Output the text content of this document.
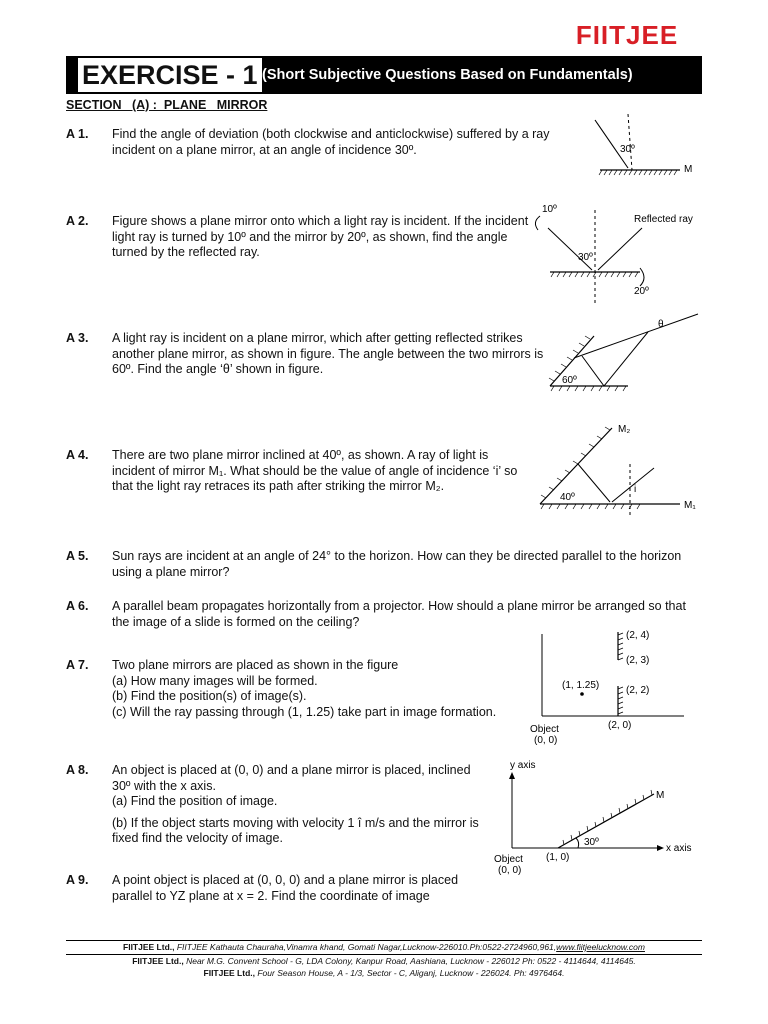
FIITJEE
EXERCISE - 1 (Short Subjective Questions Based on Fundamentals)
SECTION   (A) :  PLANE   MIRROR
A 1. Find the angle of deviation (both clockwise and anticlockwise) suffered by a ray
incident on a plane mirror, at an angle of incidence 30º.	30º
M
A 2. Figure shows a plane mirror onto which a light ray is incident. If the incident
light ray is turned by 10º and the mirror by 20º, as shown, find the angle
turned by the reflected ray.
10º
Reflected ray
30º
20º
A 3. A light ray is incident on a plane mirror, which after getting reflected strikes
another plane mirror, as shown in figure. The angle between the two mirrors is
60º. Find the angle ‘θ’ shown in figure.
60º
θ
A 4. There are two plane mirror inclined at 40º, as shown. A ray of light is
incident of mirror M₁. What should be the value of angle of incidence ‘i’ so
that the light ray retraces its path after striking the mirror M₂.
40º
i
M₁
M₂
A 5. Sun rays are incident at an angle of 24° to the horizon. How can they be directed parallel to the horizon
using a plane mirror?
A 6. A parallel beam propagates horizontally from a projector. How should a plane mirror be arranged so that
the image of a slide is formed on the ceiling?
A 7. Two plane mirrors are placed as shown in the figure
(a) How many images will be formed.
(b) Find the position(s) of image(s).
(c) Will the ray passing through (1, 1.25) take part in image formation.
(2, 4)
(2, 3)
(2, 2)
(2, 0)
(1, 1.25)
Object
(0, 0)
A 8. An object is placed at (0, 0) and a plane mirror is placed, inclined
30º with the x axis.
(a) Find the position of image.
(b) If the object starts moving with velocity 1 î m/s and the mirror is
fixed find the velocity of image.
y axis
x axis
M
30º
(1, 0)
Object
(0, 0)
A 9. A point object is placed at (0, 0, 0) and a plane mirror is placed
parallel to YZ plane at x = 2. Find the coordinate of image
FIITJEE Ltd., FIITJEE Kathauta Chauraha,Vinamra khand, Gomati Nagar,Lucknow-226010.Ph:0522-2724960,961,www.fiitjeelucknow.com
FIITJEE Ltd., Near M.G. Convent School - G, LDA Colony, Kanpur Road, Aashiana, Lucknow - 226012 Ph: 0522 - 4114644, 4114645.
FIITJEE Ltd., Four Season House, A - 1/3, Sector - C, Aliganj, Lucknow - 226024. Ph: 4976464.
